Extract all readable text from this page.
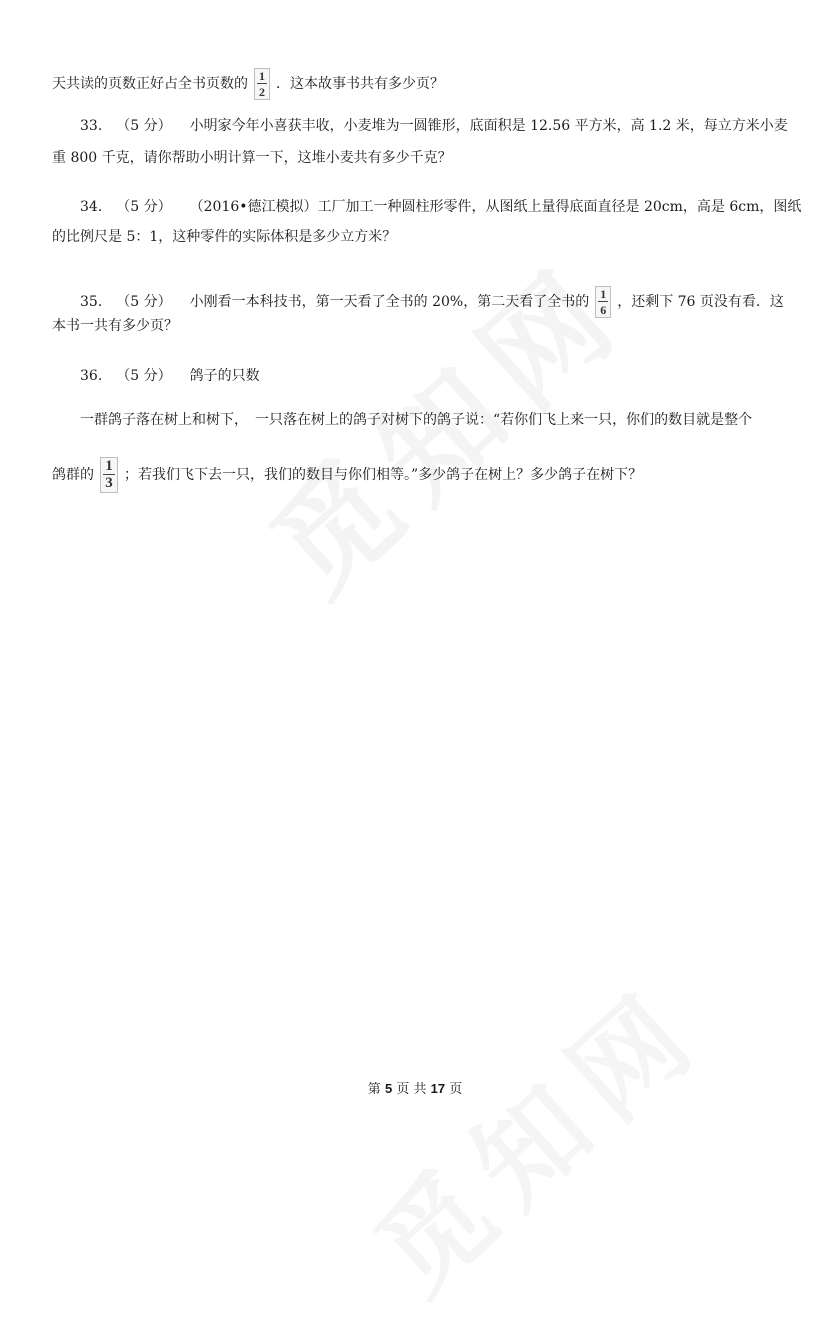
天共读的页数正好占全书页数的 $\frac{1}{2}$ ．这本故事书共有多少页？
33. （5 分） 小明家今年小喜获丰收，小麦堆为一圆锥形，底面积是 12.56 平方米，高 1.2 米，每立方米小麦
重 800 千克，请你帮助小明计算一下，这堆小麦共有多少千克？
34. （5 分） （2016•德江模拟）工厂加工一种圆柱形零件，从图纸上量得底面直径是 20cm，高是 6cm，图纸
的比例尺是 5：1，这种零件的实际体积是多少立方米？
35. （5 分） 小刚看一本科技书，第一天看了全书的 20%，第二天看了全书的 $\frac{1}{6}$ ，还剩下 76 页没有看．这
本书一共有多少页？
36. （5 分） 鸽子的只数
一群鸽子落在树上和树下，　一只落在树上的鸽子对树下的鸽子说：“若你们飞上来一只，你们的数目就是整个
鸽群的 $\frac{1}{3}$ ；若我们飞下去一只，我们的数目与你们相等。”多少鸽子在树上？多少鸽子在树下？
第 5 页 共 17 页
